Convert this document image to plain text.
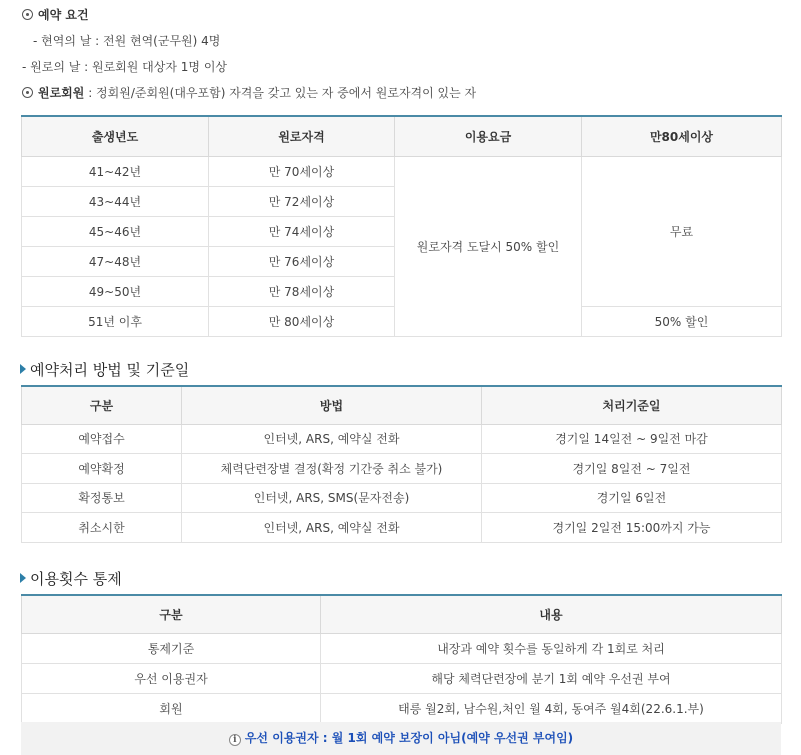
예약 요건
- 현역의 날 : 전원 현역(군무원) 4명
- 원로의 날 : 원로회원 대상자 1명 이상
원로회원 : 정회원/준회원(대우포함) 자격을 갖고 있는 자 중에서 원로자격이 있는 자
출생년도	원로자격	이용요금	만80세이상
41~42년	만 70세이상	원로자격 도달시 50% 할인	무료
43~44년	만 72세이상		
45~46년	만 74세이상		
47~48년	만 76세이상		
49~50년	만 78세이상		
51년 이후	만 80세이상		50% 할인
예약처리 방법 및 기준일
구분	방법	처리기준일
예약접수	인터넷, ARS, 예약실 전화	경기일 14일전 ~ 9일전 마감
예약확정	체력단련장별 결정(확정 기간중 취소 불가)	경기일 8일전 ~ 7일전
확정통보	인터넷, ARS, SMS(문자전송)	경기일 6일전
취소시한	인터넷, ARS, 예약실 전화	경기일 2일전 15:00까지 가능
이용횟수 통제
구분	내용
통제기준	내장과 예약 횟수를 동일하게 각 1회로 처리
우선 이용권자	해당 체력단련장에 분기 1회 예약 우선권 부여
회원	태릉 월2회, 남수원,처인 월 4회, 동여주 월4회(22.6.1.부)
i 우선 이용권자 : 월 1회 예약 보장이 아님(예약 우선권 부여임)
